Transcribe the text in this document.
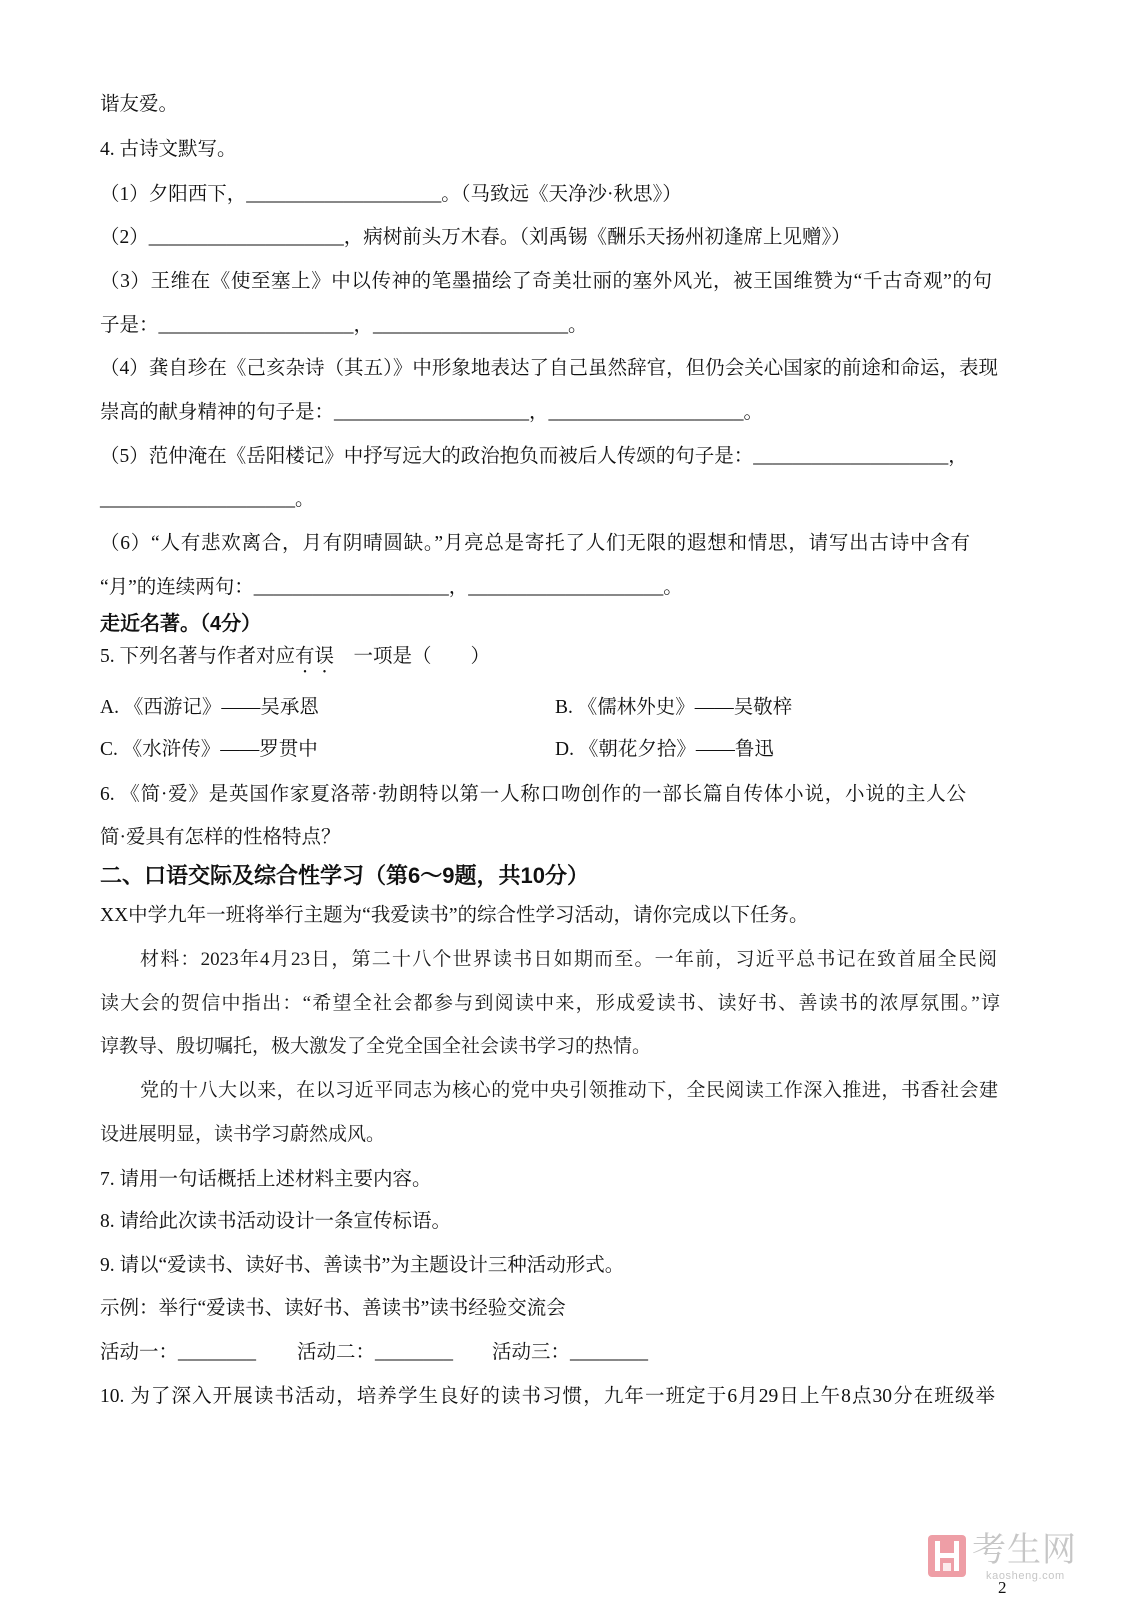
谐友爱。
4. 古诗文默写。
（1）夕阳西下，____________________。（马致远《天净沙·秋思》）
（2）____________________，病树前头万木春。（刘禹锡《酬乐天扬州初逢席上见赠》）
（3）王维在《使至塞上》中以传神的笔墨描绘了奇美壮丽的塞外风光，被王国维赞为“千古奇观”的句
子是：____________________，____________________。
（4）龚自珍在《己亥杂诗（其五）》中形象地表达了自己虽然辞官，但仍会关心国家的前途和命运，表现
崇高的献身精神的句子是：____________________，____________________。
（5）范仲淹在《岳阳楼记》中抒写远大的政治抱负而被后人传颂的句子是：____________________，
____________________。
（6）“人有悲欢离合，月有阴晴圆缺。”月亮总是寄托了人们无限的遐想和情思，请写出古诗中含有
“月”的连续两句：____________________，____________________。
走近名著。（4分）
5. 下列名著与作者对应有误　一项是（　　）
A. 《西游记》——吴承恩	B. 《儒林外史》——吴敬梓
C. 《水浒传》——罗贯中	D. 《朝花夕拾》——鲁迅
6. 《简·爱》是英国作家夏洛蒂·勃朗特以第一人称口吻创作的一部长篇自传体小说，小说的主人公
简·爱具有怎样的性格特点？
二、口语交际及综合性学习（第6～9题，共10分）
XX中学九年一班将举行主题为“我爱读书”的综合性学习活动，请你完成以下任务。
材料：2023年4月23日，第二十八个世界读书日如期而至。一年前，习近平总书记在致首届全民阅
读大会的贺信中指出：“希望全社会都参与到阅读中来，形成爱读书、读好书、善读书的浓厚氛围。”谆
谆教导、殷切嘱托，极大激发了全党全国全社会读书学习的热情。
党的十八大以来，在以习近平同志为核心的党中央引领推动下，全民阅读工作深入推进，书香社会建
设进展明显，读书学习蔚然成风。
7. 请用一句话概括上述材料主要内容。
8. 请给此次读书活动设计一条宣传标语。
9. 请以“爱读书、读好书、善读书”为主题设计三种活动形式。
示例：举行“爱读书、读好书、善读书”读书经验交流会
活动一：________ 活动二：________ 活动三：________
10. 为了深入开展读书活动，培养学生良好的读书习惯，九年一班定于6月29日上午8点30分在班级举
考生网
kaosheng.com
2
